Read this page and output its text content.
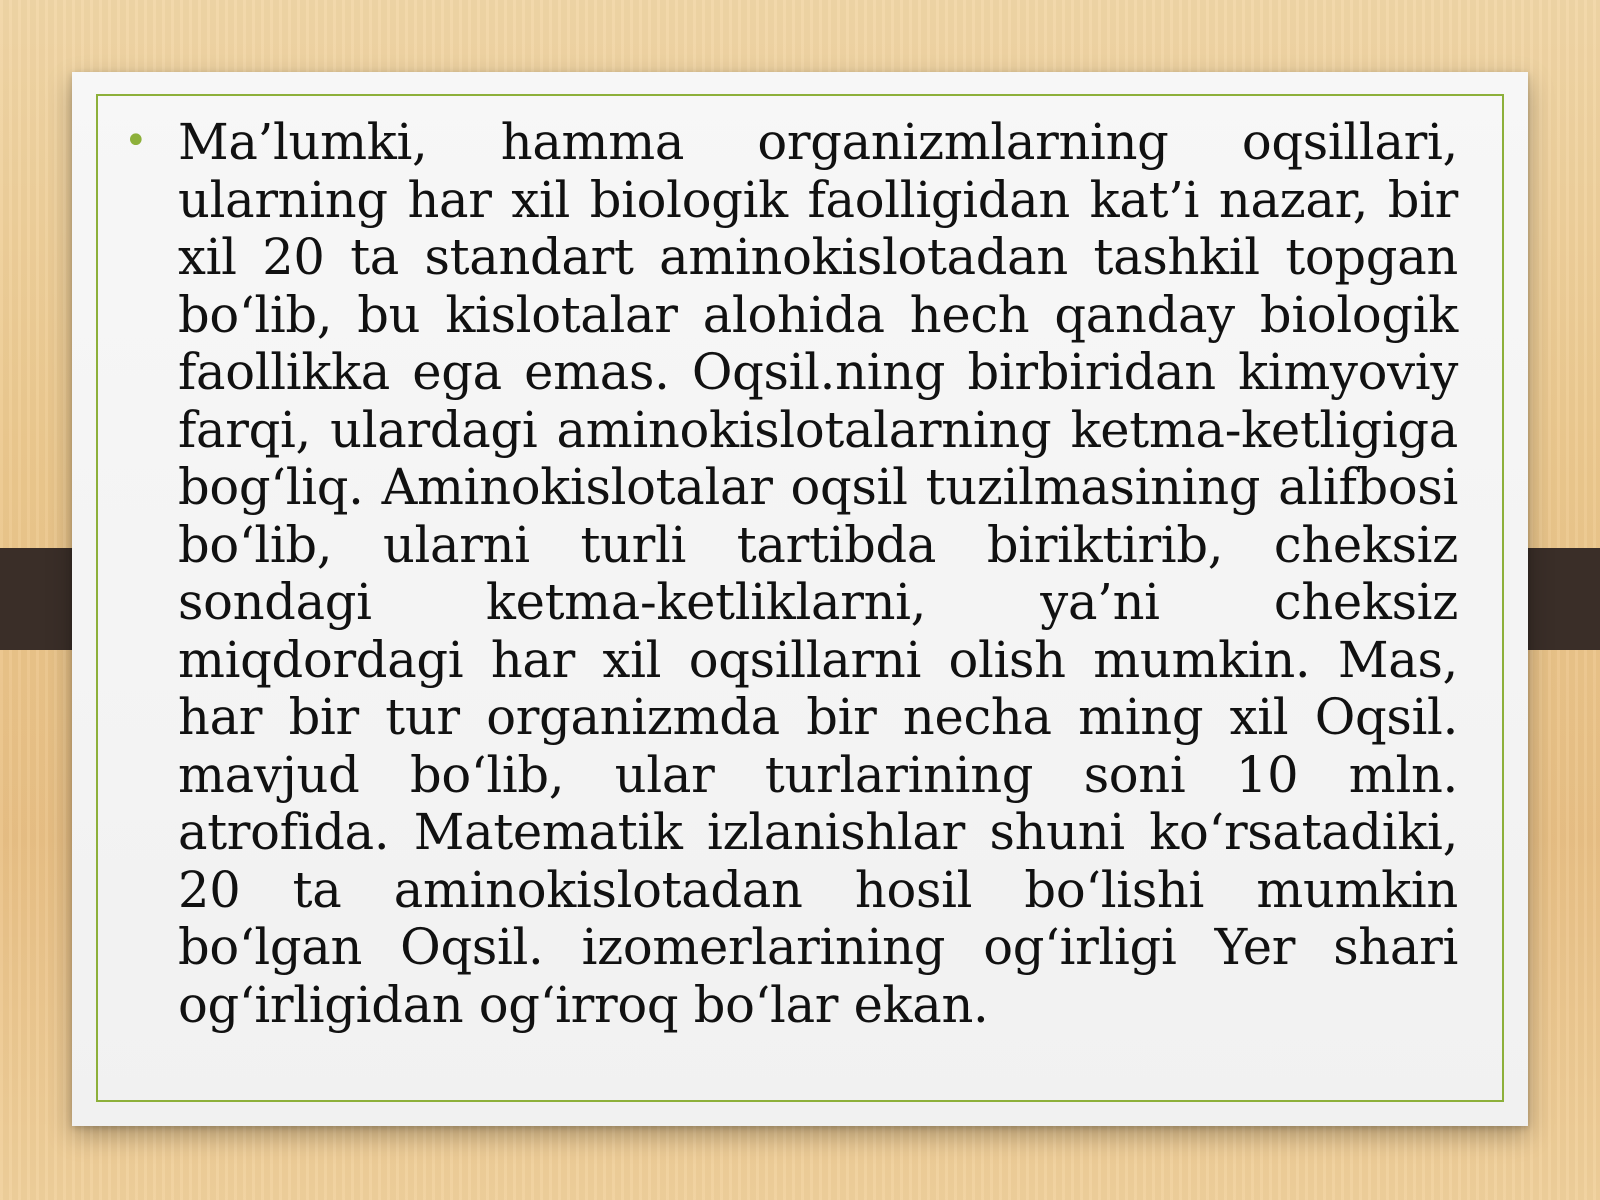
• Ma’lumki, hamma organizmlarning oqsillari, ularning har xil biologik faolligidan kat’i nazar, bir xil 20 ta standart aminokislotadan tashkil topgan bo‘lib, bu kislotalar alohida hech qanday biologik faollikka ega emas. Oqsil.ning birbiridan kimyoviy farqi, ulardagi aminokislotalarning ketma-ketligiga bog‘liq. Aminokislotalar oqsil tuzilmasining alifbosi bo‘lib, ularni turli tartibda biriktirib, cheksiz sondagi ketma-ketliklarni, ya’ni cheksiz miqdordagi har xil oqsillarni olish mumkin. Mas, har bir tur organizmda bir necha ming xil Oqsil. mavjud bo‘lib, ular turlarining soni 10 mln. atrofida. Matematik izlanishlar shuni ko‘rsatadiki, 20 ta aminokislotadan hosil bo‘lishi mumkin bo‘lgan Oqsil. izomerlarining og‘irligi Yer shari og‘irligidan og‘irroq bo‘lar ekan.
